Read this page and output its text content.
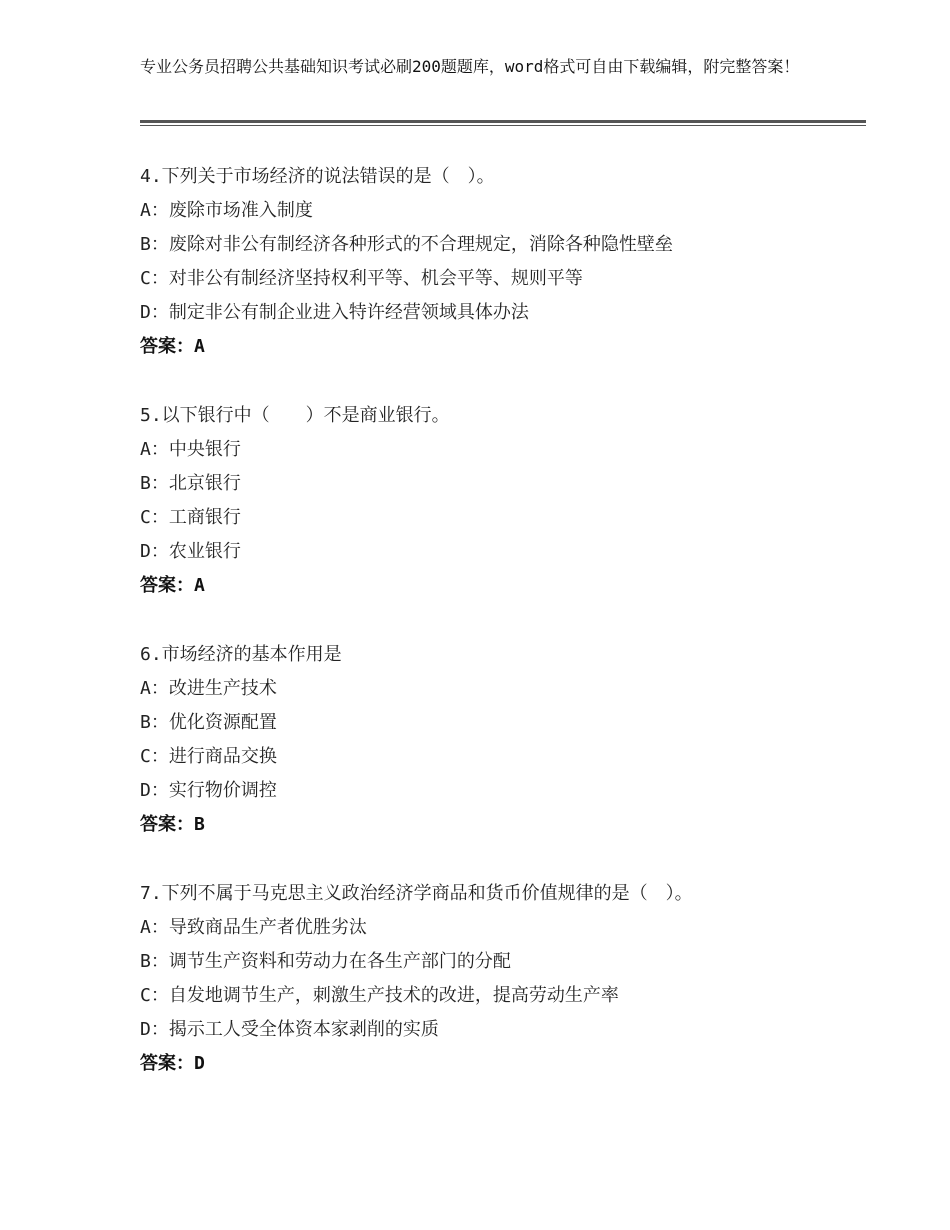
专业公务员招聘公共基础知识考试必刷200题题库，word格式可自由下载编辑，附完整答案！
4.下列关于市场经济的说法错误的是（　）。
A：废除市场准入制度
B：废除对非公有制经济各种形式的不合理规定，消除各种隐性壁垒
C：对非公有制经济坚持权利平等、机会平等、规则平等
D：制定非公有制企业进入特许经营领域具体办法
答案：A
5.以下银行中（　　）不是商业银行。
A：中央银行
B：北京银行
C：工商银行
D：农业银行
答案：A
6.市场经济的基本作用是
A：改进生产技术
B：优化资源配置
C：进行商品交换
D：实行物价调控
答案：B
7.下列不属于马克思主义政治经济学商品和货币价值规律的是（　）。
A：导致商品生产者优胜劣汰
B：调节生产资料和劳动力在各生产部门的分配
C：自发地调节生产，刺激生产技术的改进，提高劳动生产率
D：揭示工人受全体资本家剥削的实质
答案：D
